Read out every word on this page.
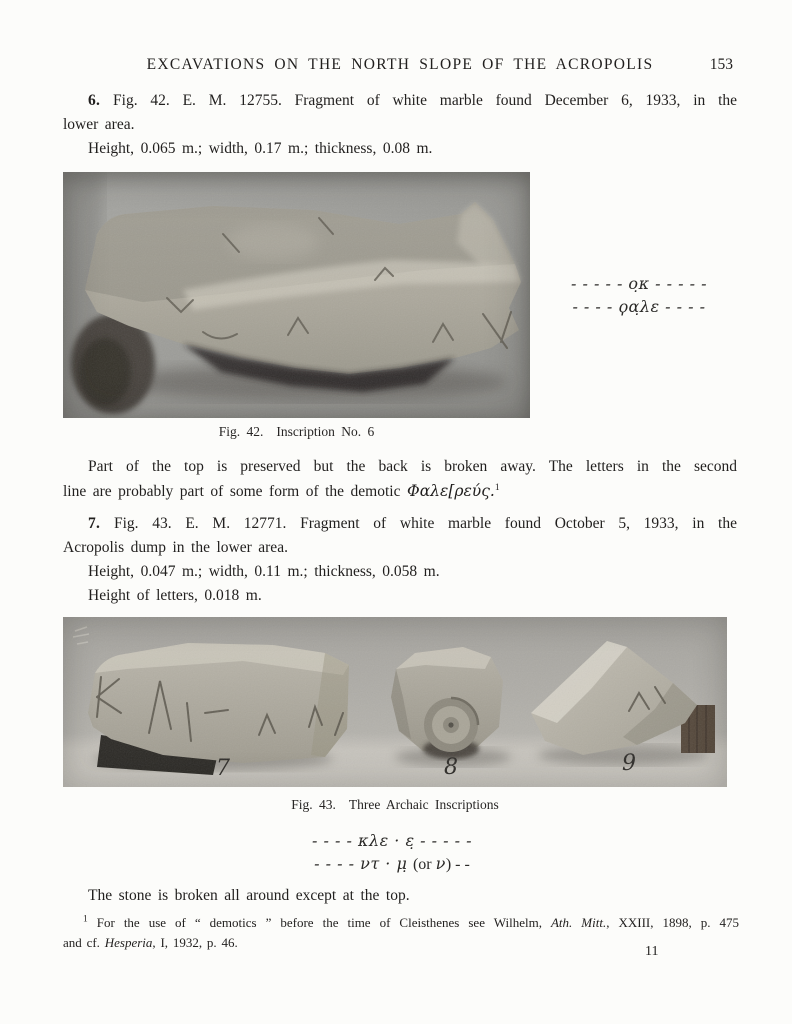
EXCAVATIONS ON THE NORTH SLOPE OF THE ACROPOLIS	153
6. Fig. 42. E. M. 12755. Fragment of white marble found December 6, 1933, in the
lower area.
Height, 0.065 m.; width, 0.17 m.; thickness, 0.08 m.
- - - - - ο̣κ - - - - -
- - - - ϙα̣λε - - - -
Fig. 42. Inscription No. 6
Part of the top is preserved but the back is broken away. The letters in the second
line are probably part of some form of the demotic Φαλε[ρεύς.$^1$
7. Fig. 43. E. M. 12771. Fragment of white marble found October 5, 1933, in the
Acropolis dump in the lower area.
Height, 0.047 m.; width, 0.11 m.; thickness, 0.058 m.
Height of letters, 0.018 m.
7	8	9
Fig. 43. Three Archaic Inscriptions
- - - - κλε · ε̣ - - - - -
- - - - ντ · μ̣ (or ν) - -
The stone is broken all around except at the top.
$^1$ For the use of “ demotics ” before the time of Cleisthenes see Wilhelm, Ath. Mitt., XXIII, 1898, p. 475
and cf. Hesperia, I, 1932, p. 46.
11
